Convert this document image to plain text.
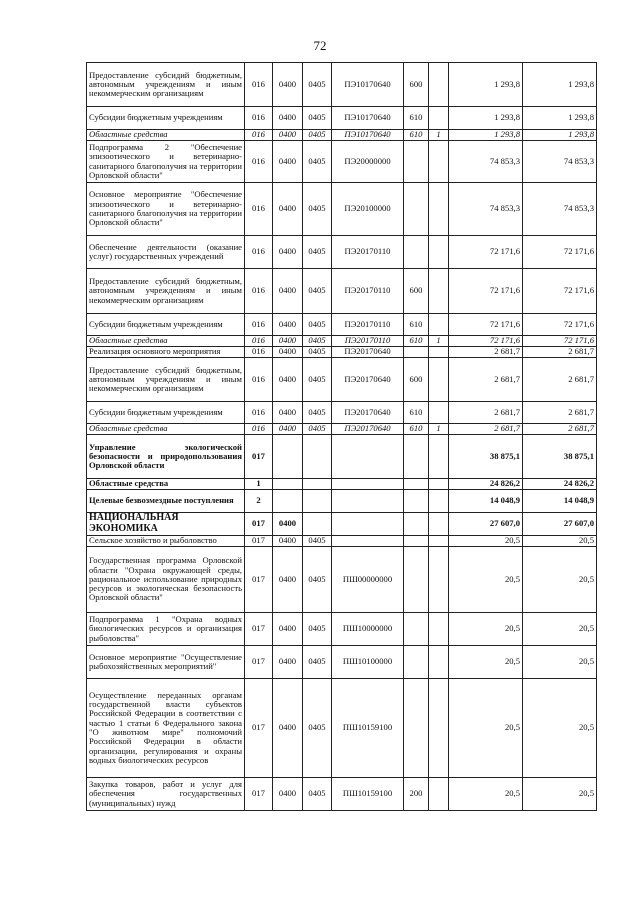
72
Предоставление субсидий бюджетным, автономным учреждениям и иным некоммерческим организациям	016	0400	0405	ПЭ10170640	600		1 293,8	1 293,8
Субсидии бюджетным учреждениям	016	0400	0405	ПЭ10170640	610		1 293,8	1 293,8
Областные средства	016	0400	0405	ПЭ10170640	610	1	1 293,8	1 293,8
Подпрограмма 2 "Обеспечение эпизоотического и ветеринарно-санитарного благополучия на территории Орловской области"	016	0400	0405	ПЭ20000000			74 853,3	74 853,3
Основное мероприятие "Обеспечение эпизоотического и ветеринарно-санитарного благополучия на территории Орловской области"	016	0400	0405	ПЭ20100000			74 853,3	74 853,3
Обеспечение деятельности (оказание услуг) государственных учреждений	016	0400	0405	ПЭ20170110			72 171,6	72 171,6
Предоставление субсидий бюджетным, автономным учреждениям и иным некоммерческим организациям	016	0400	0405	ПЭ20170110	600		72 171,6	72 171,6
Субсидии бюджетным учреждениям	016	0400	0405	ПЭ20170110	610		72 171,6	72 171,6
Областные средства	016	0400	0405	ПЭ20170110	610	1	72 171,6	72 171,6
Реализация основного мероприятия	016	0400	0405	ПЭ20170640			2 681,7	2 681,7
Предоставление субсидий бюджетным, автономным учреждениям и иным некоммерческим организациям	016	0400	0405	ПЭ20170640	600		2 681,7	2 681,7
Субсидии бюджетным учреждениям	016	0400	0405	ПЭ20170640	610		2 681,7	2 681,7
Областные средства	016	0400	0405	ПЭ20170640	610	1	2 681,7	2 681,7
Управление экологической безопасности и природопользования Орловской области	017						38 875,1	38 875,1
Областные средства	1						24 826,2	24 826,2
Целевые безвозмездные поступления	2						14 048,9	14 048,9
НАЦИОНАЛЬНАЯ ЭКОНОМИКА	017	0400					27 607,0	27 607,0
Сельское хозяйство и рыболовство	017	0400	0405				20,5	20,5
Государственная программа Орловской области "Охрана окружающей среды, рациональное использование природных ресурсов и экологическая безопасность Орловской области"	017	0400	0405	ПШ00000000			20,5	20,5
Подпрограмма 1 "Охрана водных биологических ресурсов и организация рыболовства"	017	0400	0405	ПШ10000000			20,5	20,5
Основное мероприятие "Осуществление рыбохозяйственных мероприятий"	017	0400	0405	ПШ10100000			20,5	20,5
Осуществление переданных органам государственной власти субъектов Российской Федерации в соответствии с частью 1 статьи 6 Федерального закона "О животном мире" полномочий Российской Федерации в области организации, регулирования и охраны водных биологических ресурсов	017	0400	0405	ПШ10159100			20,5	20,5
Закупка товаров, работ и услуг для обеспечения государственных (муниципальных) нужд	017	0400	0405	ПШ10159100	200		20,5	20,5
